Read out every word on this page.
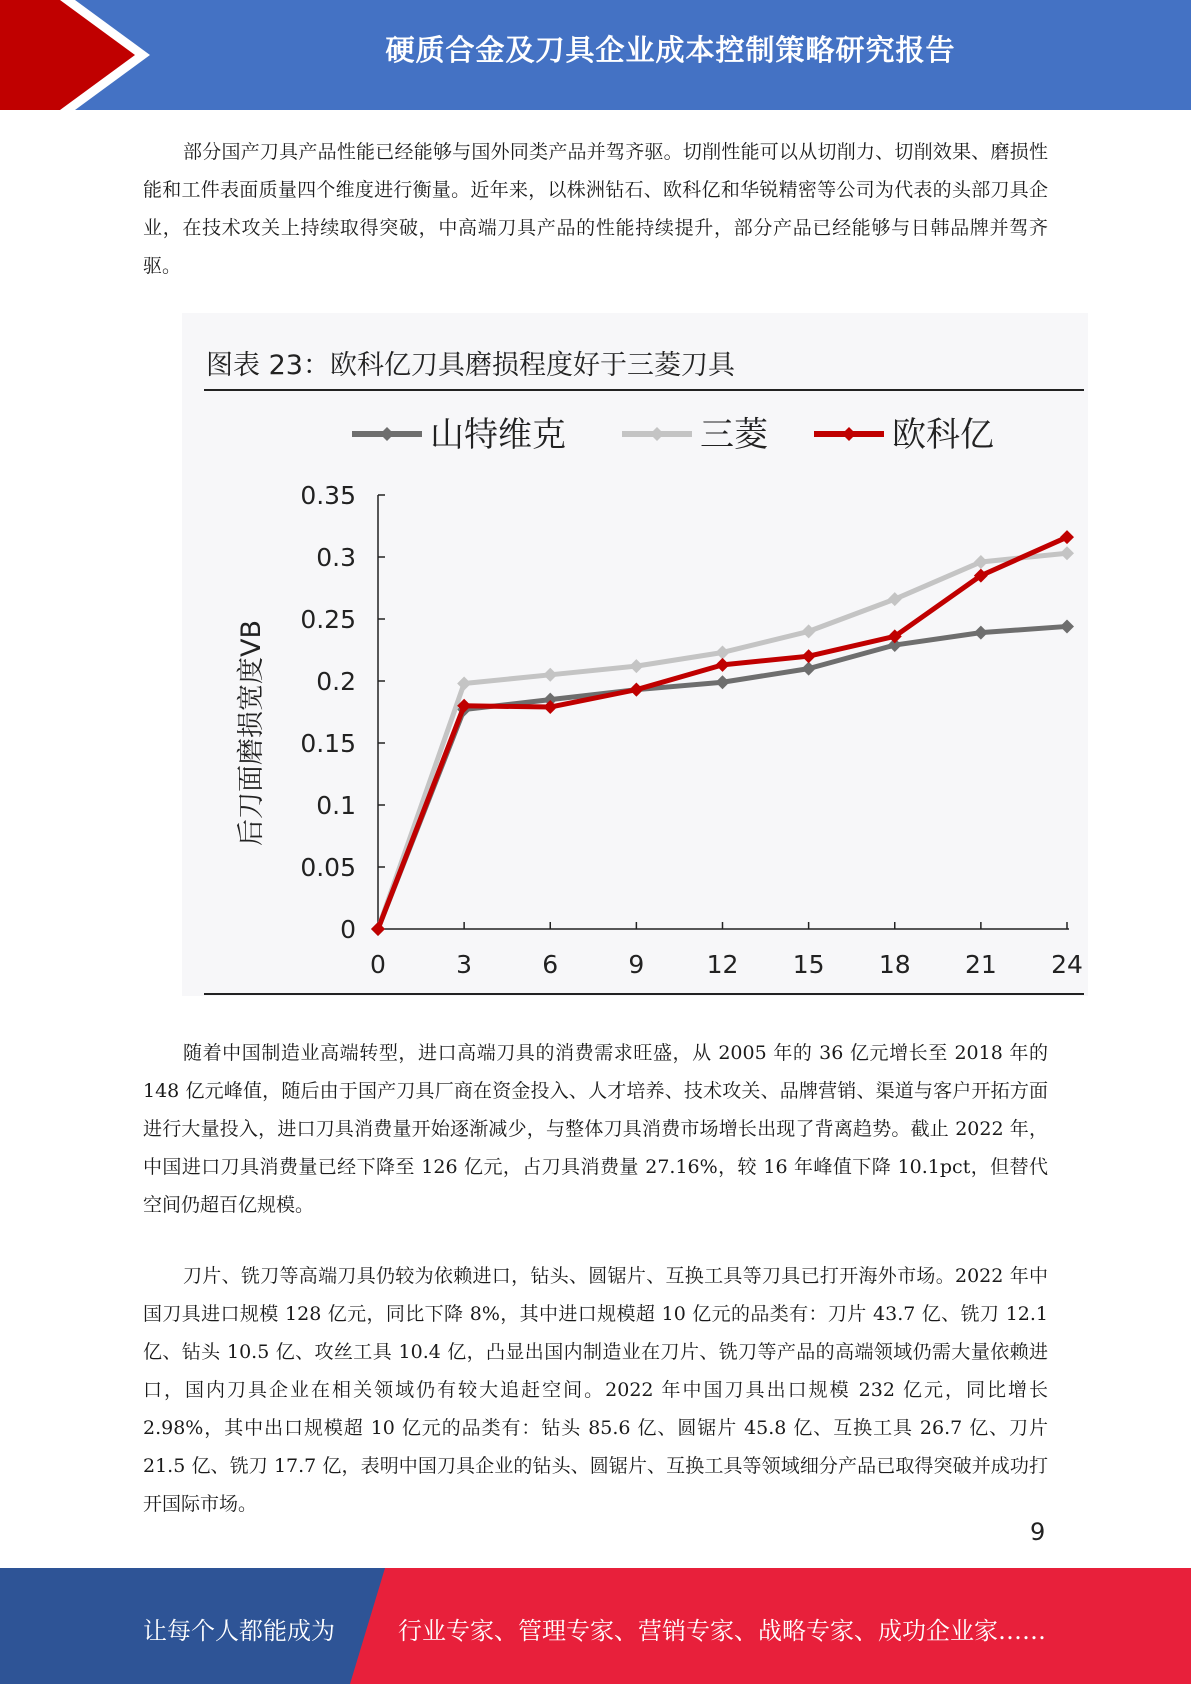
硬质合金及刀具企业成本控制策略研究报告

部分国产刀具产品性能已经能够与国外同类产品并驾齐驱。切削性能可以从切削力、切削效果、磨损性能和工件表面质量四个维度进行衡量。近年来，以株洲钻石、欧科亿和华锐精密等公司为代表的头部刀具企业，在技术攻关上持续取得突破，中高端刀具产品的性能持续提升，部分产品已经能够与日韩品牌并驾齐驱。

图表 23：欧科亿刀具磨损程度好于三菱刀具
0
0.05
0.1
0.15
0.2
0.25
0.3
0.35
0	3	6	9 12 15 18 21 24
后刀面磨损宽度VB
山特维克	三菱	欧科亿

随着中国制造业高端转型，进口高端刀具的消费需求旺盛，从 2005 年的 36 亿元增长至 2018 年的 148 亿元峰值，随后由于国产刀具厂商在资金投入、人才培养、技术攻关、品牌营销、渠道与客户开拓方面进行大量投入，进口刀具消费量开始逐渐减少，与整体刀具消费市场增长出现了背离趋势。截止 2022 年，中国进口刀具消费量已经下降至 126 亿元，占刀具消费量 27.16%，较 16 年峰值下降 10.1pct，但替代空间仍超百亿规模。

刀片、铣刀等高端刀具仍较为依赖进口，钻头、圆锯片、互换工具等刀具已打开海外市场。2022 年中国刀具进口规模 128 亿元，同比下降 8%，其中进口规模超 10 亿元的品类有：刀片 43.7 亿、铣刀 12.1 亿、钻头 10.5 亿、攻丝工具 10.4 亿，凸显出国内制造业在刀片、铣刀等产品的高端领域仍需大量依赖进口，国内刀具企业在相关领域仍有较大追赶空间。2022 年中国刀具出口规模 232 亿元，同比增长 2.98%，其中出口规模超 10 亿元的品类有：钻头 85.6 亿、圆锯片 45.8 亿、互换工具 26.7 亿、刀片 21.5 亿、铣刀 17.7 亿，表明中国刀具企业的钻头、圆锯片、互换工具等领域细分产品已取得突破并成功打开国际市场。

9
让每个人都能成为	行业专家、管理专家、营销专家、战略专家、成功企业家……
